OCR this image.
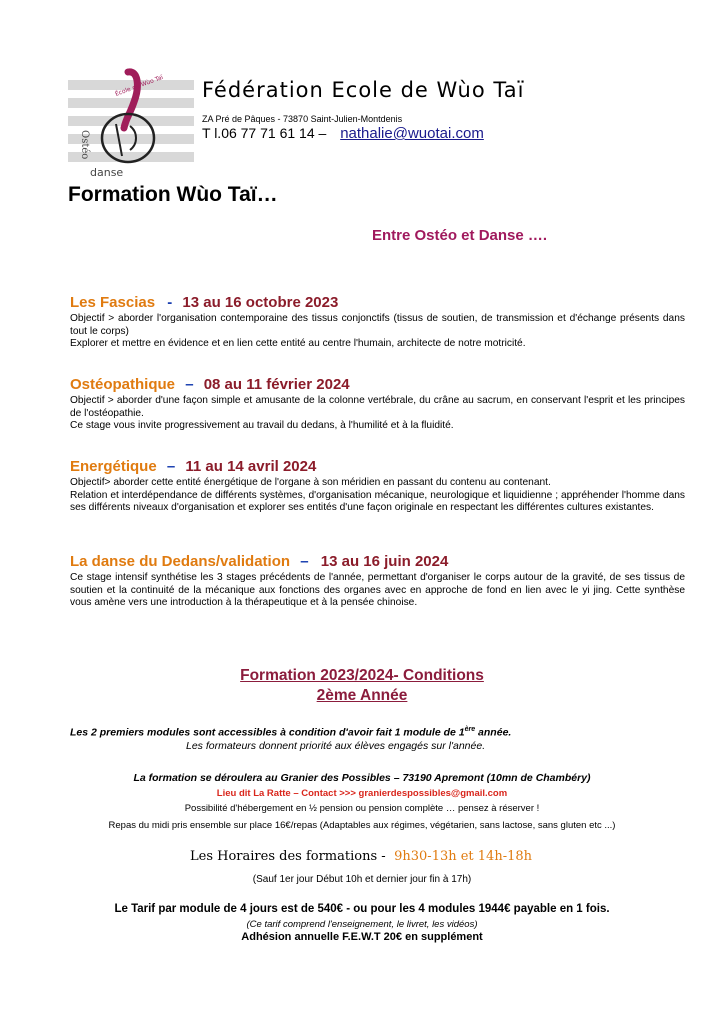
École de Wùo Taï
Ostéo
danse
Fédération Ecole de Wùo Taï
ZA Pré de Pâques - 73870 Saint-Julien-Montdenis
T l.06 77 71 61 14 – nathalie@wuotai.com
Formation Wùo Taï…
Entre Ostéo et Danse ….
Les Fascias - 13 au 16 octobre 2023

Objectif > aborder l'organisation contemporaine des tissus conjonctifs (tissus de soutien, de transmission et d'échange présents dans tout le corps)

Explorer et mettre en évidence et en lien cette entité au centre l'humain, architecte de notre motricité.

Ostéopathique – 08 au 11 février 2024

Objectif > aborder d'une façon simple et amusante de la colonne vertébrale, du crâne au sacrum, en conservant l'esprit et les principes de l'ostéopathie.

Ce stage vous invite progressivement au travail du dedans, à l'humilité et à la fluidité.

Energétique – 11 au 14 avril 2024

Objectif> aborder cette entité énergétique de l'organe à son méridien en passant du contenu au contenant.

Relation et interdépendance de différents systèmes, d'organisation mécanique, neurologique et liquidienne ; appréhender l'homme dans ses différents niveaux d'organisation et explorer ses entités d'une façon originale en respectant les différentes cultures existantes.

La danse du Dedans/validation – 13 au 16 juin 2024

Ce stage intensif synthétise les 3 stages précédents de l'année, permettant d'organiser le corps autour de la gravité, de ses tissus de soutien et la continuité de la mécanique aux fonctions des organes avec en approche de fond en lien avec le yi jing. Cette synthèse vous amène vers une introduction à la thérapeutique et à la pensée chinoise.

Formation 2023/2024- Conditions
2ème Année
Les 2 premiers modules sont accessibles à condition d'avoir fait 1 module de 1ère année.
Les formateurs donnent priorité aux élèves engagés sur l'année.
La formation se déroulera au Granier des Possibles – 73190 Apremont (10mn de Chambéry)
Lieu dit La Ratte – Contact >>> granierdespossibles@gmail.com
Possibilité d'hébergement en ½ pension ou pension complète … pensez à réserver !
Repas du midi pris ensemble sur place 16€/repas (Adaptables aux régimes, végétarien, sans lactose, sans gluten etc ...)
Les Horaires des formations - 9h30-13h et 14h-18h
(Sauf 1er jour Début 10h et dernier jour fin à 17h)
Le Tarif par module de 4 jours est de 540€ - ou pour les 4 modules 1944€ payable en 1 fois.
(Ce tarif comprend l'enseignement, le livret, les vidéos)
Adhésion annuelle F.E.W.T 20€ en supplément
